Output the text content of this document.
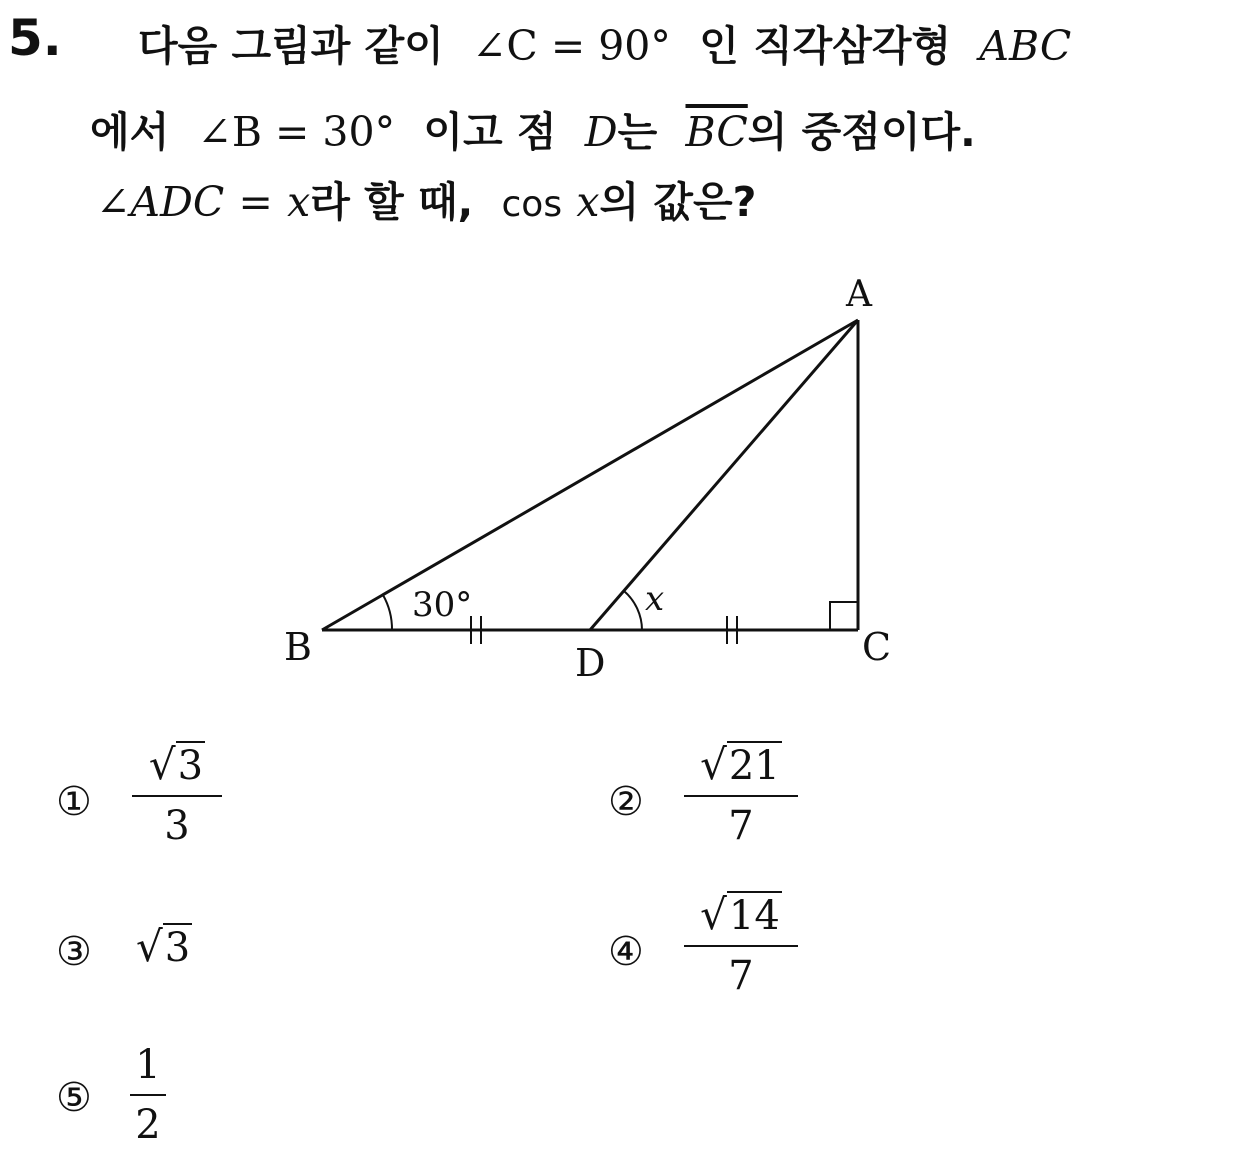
5. 다음 그림과 같이 ∠C = 90° 인 직각삼각형 ABC
에서 ∠B = 30° 이고 점 D는 $\overline{BC}$의 중점이다.
∠ADC = x라 할 때, cos x의 값은?
A
B	C
D
30°	x
①
√3
3
②
√21
7
③ √3	④
√14
7
⑤
1
2
